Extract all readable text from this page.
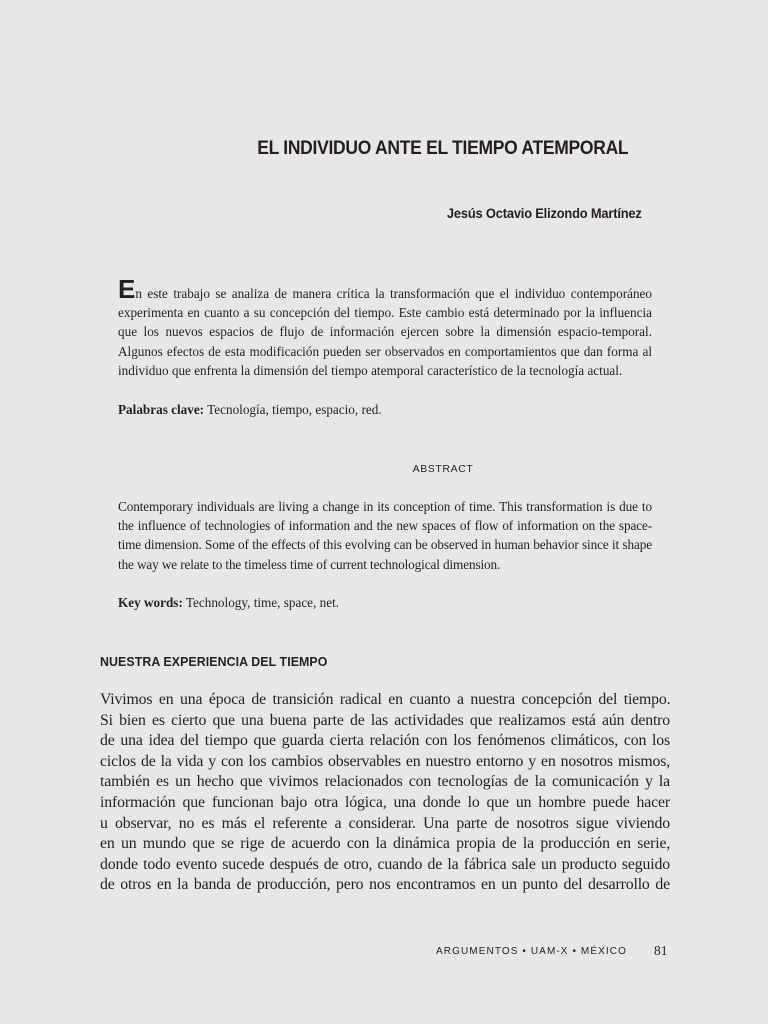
EL INDIVIDUO ANTE EL TIEMPO ATEMPORAL
Jesús Octavio Elizondo Martínez
En este trabajo se analiza de manera crítica la transformación que el individuo contemporáneo experimenta en cuanto a su concepción del tiempo. Este cambio está determinado por la influencia que los nuevos espacios de flujo de información ejercen sobre la dimensión espacio-temporal. Algunos efectos de esta modificación pueden ser observados en comportamientos que dan forma al individuo que enfrenta la dimensión del tiempo atemporal característico de la tecnología actual.
Palabras clave: Tecnología, tiempo, espacio, red.
ABSTRACT
Contemporary individuals are living a change in its conception of time. This transformation is due to the influence of technologies of information and the new spaces of flow of information on the space-time dimension. Some of the effects of this evolving can be observed in human behavior since it shape the way we relate to the timeless time of current technological dimension.
Key words: Technology, time, space, net.
NUESTRA EXPERIENCIA DEL TIEMPO
Vivimos en una época de transición radical en cuanto a nuestra concepción del tiempo.
Si bien es cierto que una buena parte de las actividades que realizamos está aún dentro
de una idea del tiempo que guarda cierta relación con los fenómenos climáticos, con los
ciclos de la vida y con los cambios observables en nuestro entorno y en nosotros mismos,
también es un hecho que vivimos relacionados con tecnologías de la comunicación y la
información que funcionan bajo otra lógica, una donde lo que un hombre puede hacer
u observar, no es más el referente a considerar. Una parte de nosotros sigue viviendo
en un mundo que se rige de acuerdo con la dinámica propia de la producción en serie,
donde todo evento sucede después de otro, cuando de la fábrica sale un producto seguido
de otros en la banda de producción, pero nos encontramos en un punto del desarrollo de
ARGUMENTOS • UAM-X • MÉXICO 81
